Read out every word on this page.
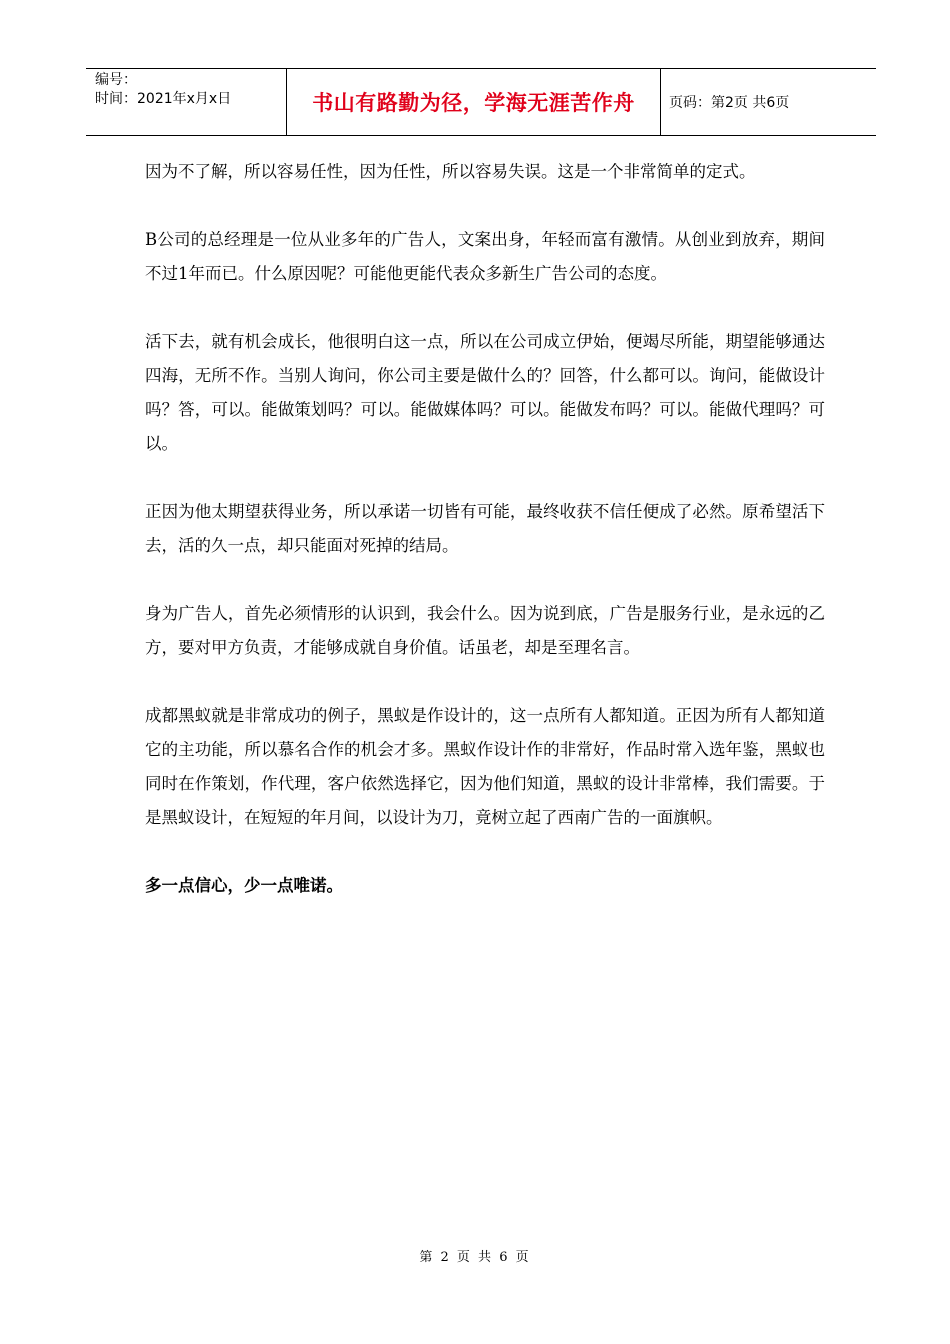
编号：
时间：2021年x月x日	书山有路勤为径，学海无涯苦作舟	页码：第2页 共6页

因为不了解，所以容易任性，因为任性，所以容易失误。这是一个非常简单的定式。

B公司的总经理是一位从业多年的广告人，文案出身，年轻而富有激情。从创业到放弃，期间不过1年而已。什么原因呢？可能他更能代表众多新生广告公司的态度。

活下去，就有机会成长，他很明白这一点，所以在公司成立伊始，便竭尽所能，期望能够通达四海，无所不作。当别人询问，你公司主要是做什么的？回答，什么都可以。询问，能做设计吗？答，可以。能做策划吗？可以。能做媒体吗？可以。能做发布吗？可以。能做代理吗？可以。

正因为他太期望获得业务，所以承诺一切皆有可能，最终收获不信任便成了必然。原希望活下去，活的久一点，却只能面对死掉的结局。

身为广告人，首先必须情形的认识到，我会什么。因为说到底，广告是服务行业，是永远的乙方，要对甲方负责，才能够成就自身价值。话虽老，却是至理名言。

成都黑蚁就是非常成功的例子，黑蚁是作设计的，这一点所有人都知道。正因为所有人都知道它的主功能，所以慕名合作的机会才多。黑蚁作设计作的非常好，作品时常入选年鉴，黑蚁也同时在作策划，作代理，客户依然选择它，因为他们知道，黑蚁的设计非常棒，我们需要。于是黑蚁设计，在短短的年月间，以设计为刀，竟树立起了西南广告的一面旗帜。

多一点信心，少一点唯诺。

第 2 页 共 6 页
